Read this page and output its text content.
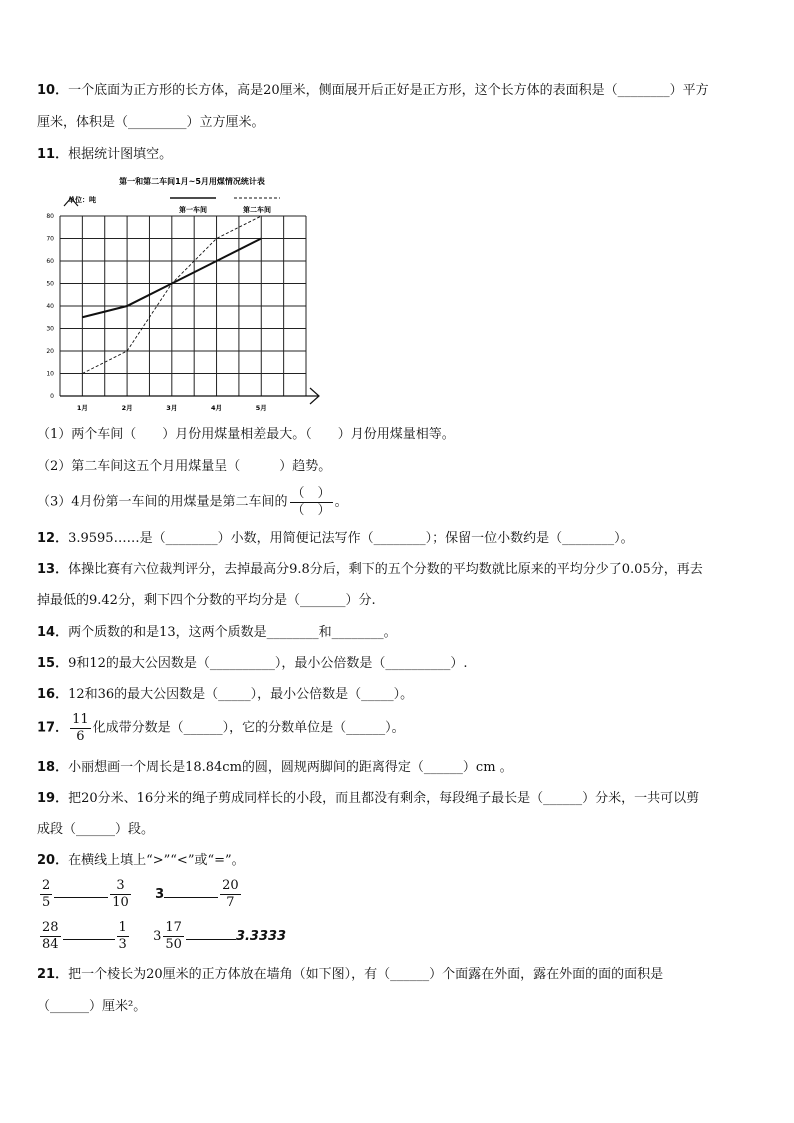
10．一个底面为正方形的长方体，高是20厘米，侧面展开后正好是正方形，这个长方体的表面积是（________）平方
厘米，体积是（_________）立方厘米。
11．根据统计图填空。
第一和第二车间1月~5月用煤情况统计表
单位：吨
第一车间	第二车间
0
10
20
30
40
50
60
70
80
1月	2月	3月	4月	5月
（1）两个车间（　　）月份用煤量相差最大。（　　）月份用煤量相等。
（2）第二车间这五个月用煤量呈（　　　）趋势。
（3）4月份第一车间的用煤量是第二车间的 $\frac{( )}{( )}$ 。
12．3.9595……是（________）小数，用简便记法写作（________）；保留一位小数约是（________）。
13．体操比赛有六位裁判评分，去掉最高分9.8分后，剩下的五个分数的平均数就比原来的平均分少了0.05分，再去
掉最低的9.42分，剩下四个分数的平均分是（_______）分.
14．两个质数的和是13，这两个质数是________和________。
15．9和12的最大公因数是（__________），最小公倍数是（__________）.
16．12和36的最大公因数是（_____），最小公倍数是（_____）。
17． $\frac{11}{6}$ 化成带分数是（______），它的分数单位是（______）。
18．小丽想画一个周长是18.84cm的圆，圆规两脚间的距离得定（______）cm 。
19．把20分米、16分米的绳子剪成同样长的小段，而且都没有剩余，每段绳子最长是（______）分米，一共可以剪
成段（______）段。
20．在横线上填上“>”“<”或“=”。
$\frac{2}{5}$	$\frac{3}{10} 3$	$\frac{20}{7}$
$\frac{28}{84}$	$\frac{1}{3} 3 \frac{17}{50}$	3.3333
21．把一个棱长为20厘米的正方体放在墙角（如下图），有（______）个面露在外面，露在外面的面的面积是
（______）厘米²。
